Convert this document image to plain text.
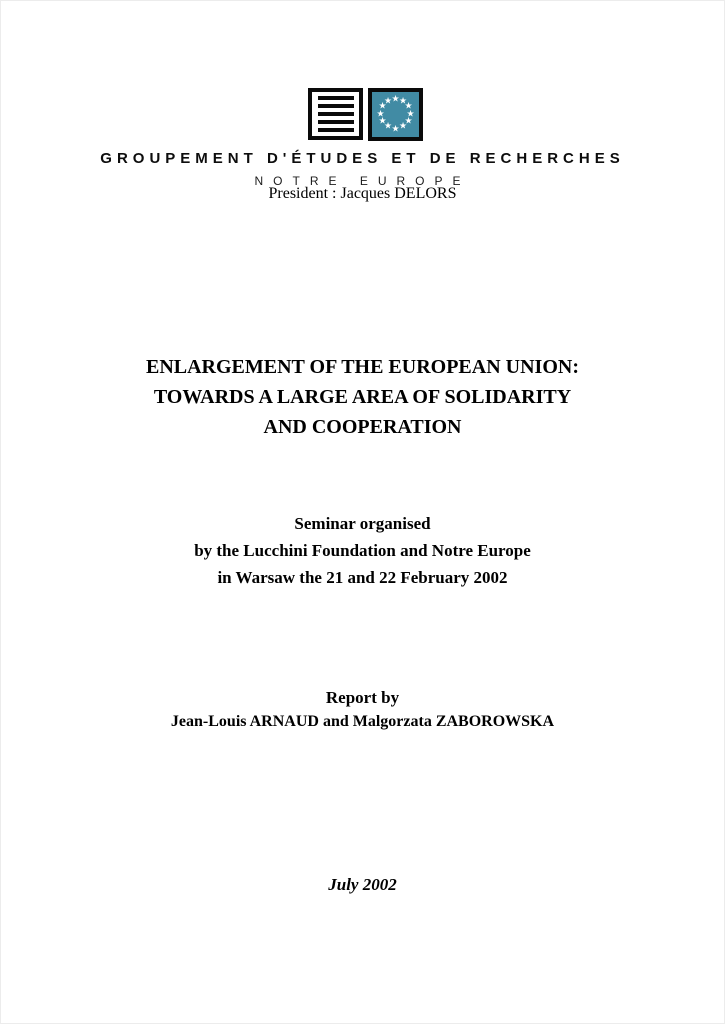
★ ★
★
★
★
★
★
★
★
★
★
★
GROUPEMENT D'ÉTUDES ET DE RECHERCHES
NOTRE EUROPE
President : Jacques DELORS
ENLARGEMENT OF THE EUROPEAN UNION:
TOWARDS A LARGE AREA OF SOLIDARITY
AND COOPERATION
Seminar organised
by the Lucchini Foundation and Notre Europe
in Warsaw the 21 and 22 February 2002
Report by
Jean-Louis ARNAUD and Malgorzata ZABOROWSKA
July 2002
